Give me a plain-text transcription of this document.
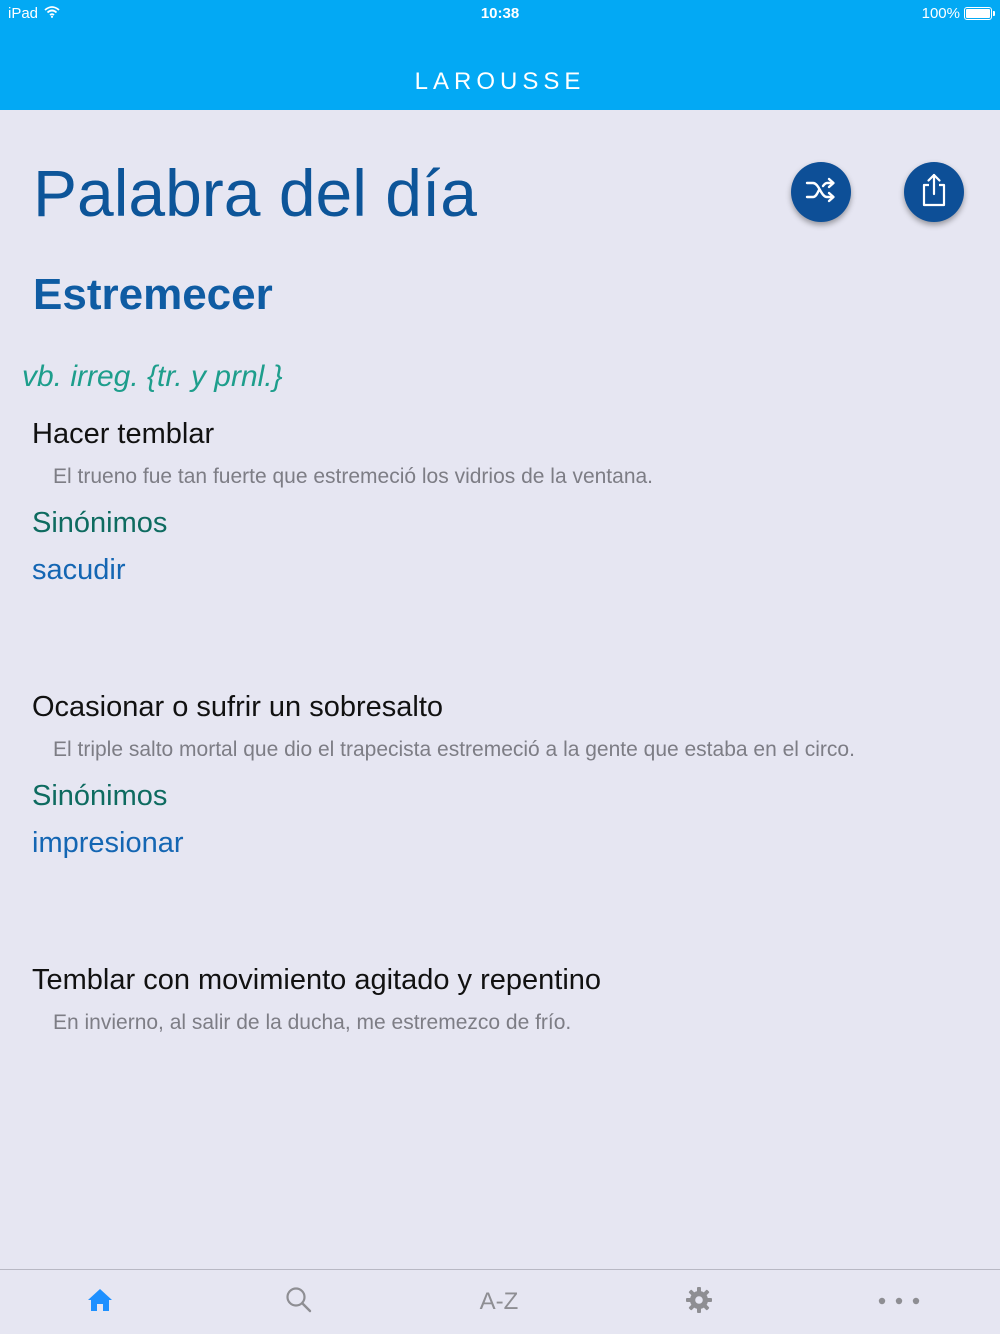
iPad	10:38	100%
LAROUSSE
Palabra del día
Estremecer
vb. irreg. {tr. y prnl.}
Hacer temblar
El trueno fue tan fuerte que estremeció los vidrios de la ventana.
Sinónimos
sacudir
Ocasionar o sufrir un sobresalto
El triple salto mortal que dio el trapecista estremeció a la gente que estaba en el circo.
Sinónimos
impresionar
Temblar con movimiento agitado y repentino
En invierno, al salir de la ducha, me estremezco de frío.
A-Z
